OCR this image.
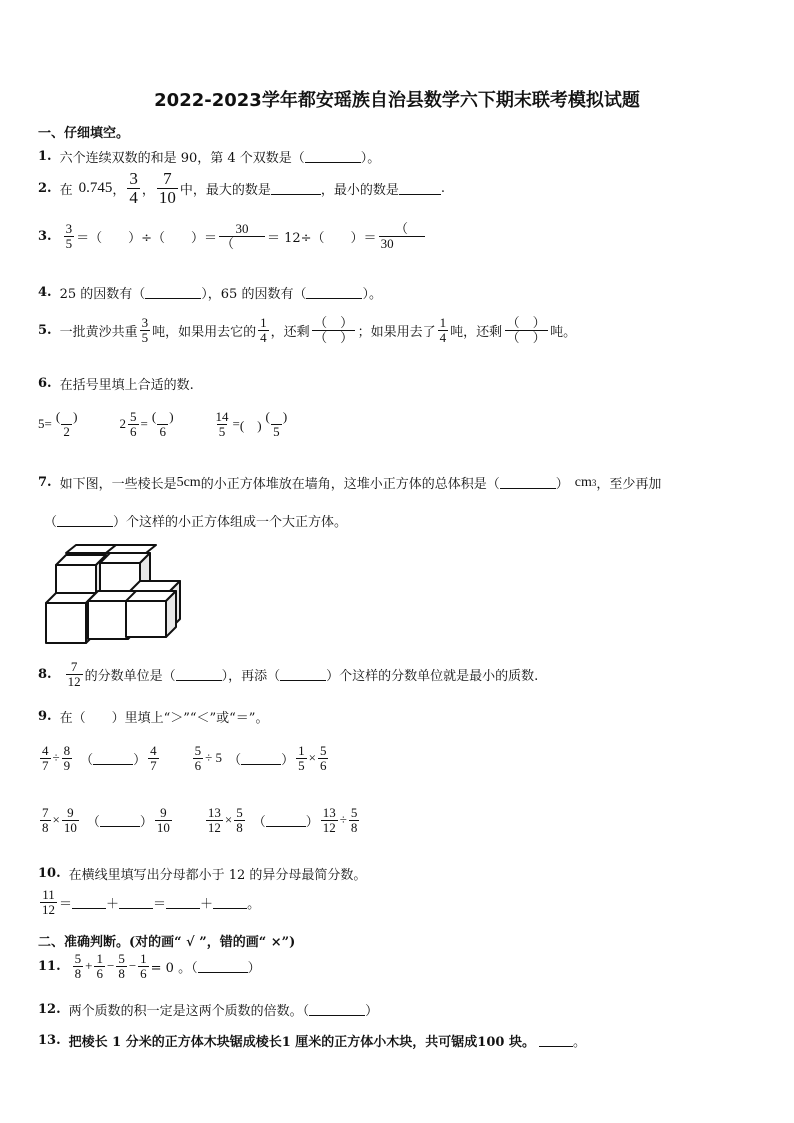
2022-2023学年都安瑶族自治县数学六下期末联考模拟试题
一、仔细填空。
1. 六个连续双数的和是 90，第 4 个双数是（	）。
2. 在 0.745 ， $\frac{3}{4}$ ， $\frac{7}{10}$ 中，最大的数是	，最小的数是	.
3. $\frac{3}{5}$ ＝（　　）÷（　　）＝ $\frac{30}{(} = 12\div$（　　）＝ $\frac{(}{30}$
4. 25 的因数有（	），65 的因数有（	）。
5. 一批黄沙共重 $\frac{3}{5}$ 吨，如果用去它的 $\frac{1}{4}$ ，还剩 $\frac{( )}{( )}$ ；如果用去了 $\frac{1}{4}$ 吨，还剩 $\frac{( )}{( )}$ 吨。
6. 在括号里填上合适的数.
$5= \frac{( )}{2}$	$2 \frac{5}{6} = \frac{( )}{6}$	$\frac{14}{5}$ = (　) $\frac{( )}{5}$
7. 如下图，一些棱长是 5cm 的小正方体堆放在墙角，这堆小正方体的总体积是（	） cm 3 ，至少再加
（	）个这样的小正方体组成一个大正方体。
8. $\frac{7}{12}$ 的分数单位是（	），再添（	）个这样的分数单位就是最小的质数.
9. 在（　　）里填上“＞”“＜”或“＝”。
$\frac{4}{7} \div \frac{8}{9}$ （	） $\frac{4}{7}$	$\frac{5}{6} \div 5$ （	） $\frac{1}{5} \times \frac{5}{6}$
$\frac{7}{8} \times \frac{9}{10}$ （	） $\frac{9}{10}$	$\frac{13}{12} \times \frac{5}{8}$ （	） $\frac{13}{12} \div \frac{5}{8}$
10. 在横线里填写出分母都小于 12 的异分母最简分数。
$\frac{11}{12}$ ＝	＋	＝	＋	。
二、准确判断。(对的画“ √ ”，错的画“ ×”)
11. $\frac{5}{8} + \frac{1}{6} - \frac{5}{8} - \frac{1}{6} = 0$ 。（	）
12. 两个质数的积一定是这两个质数的倍数。（	）
13. 把棱长 1 分米的正方体木块锯成棱长1 厘米的正方体小木块，共可锯成100 块。	。
